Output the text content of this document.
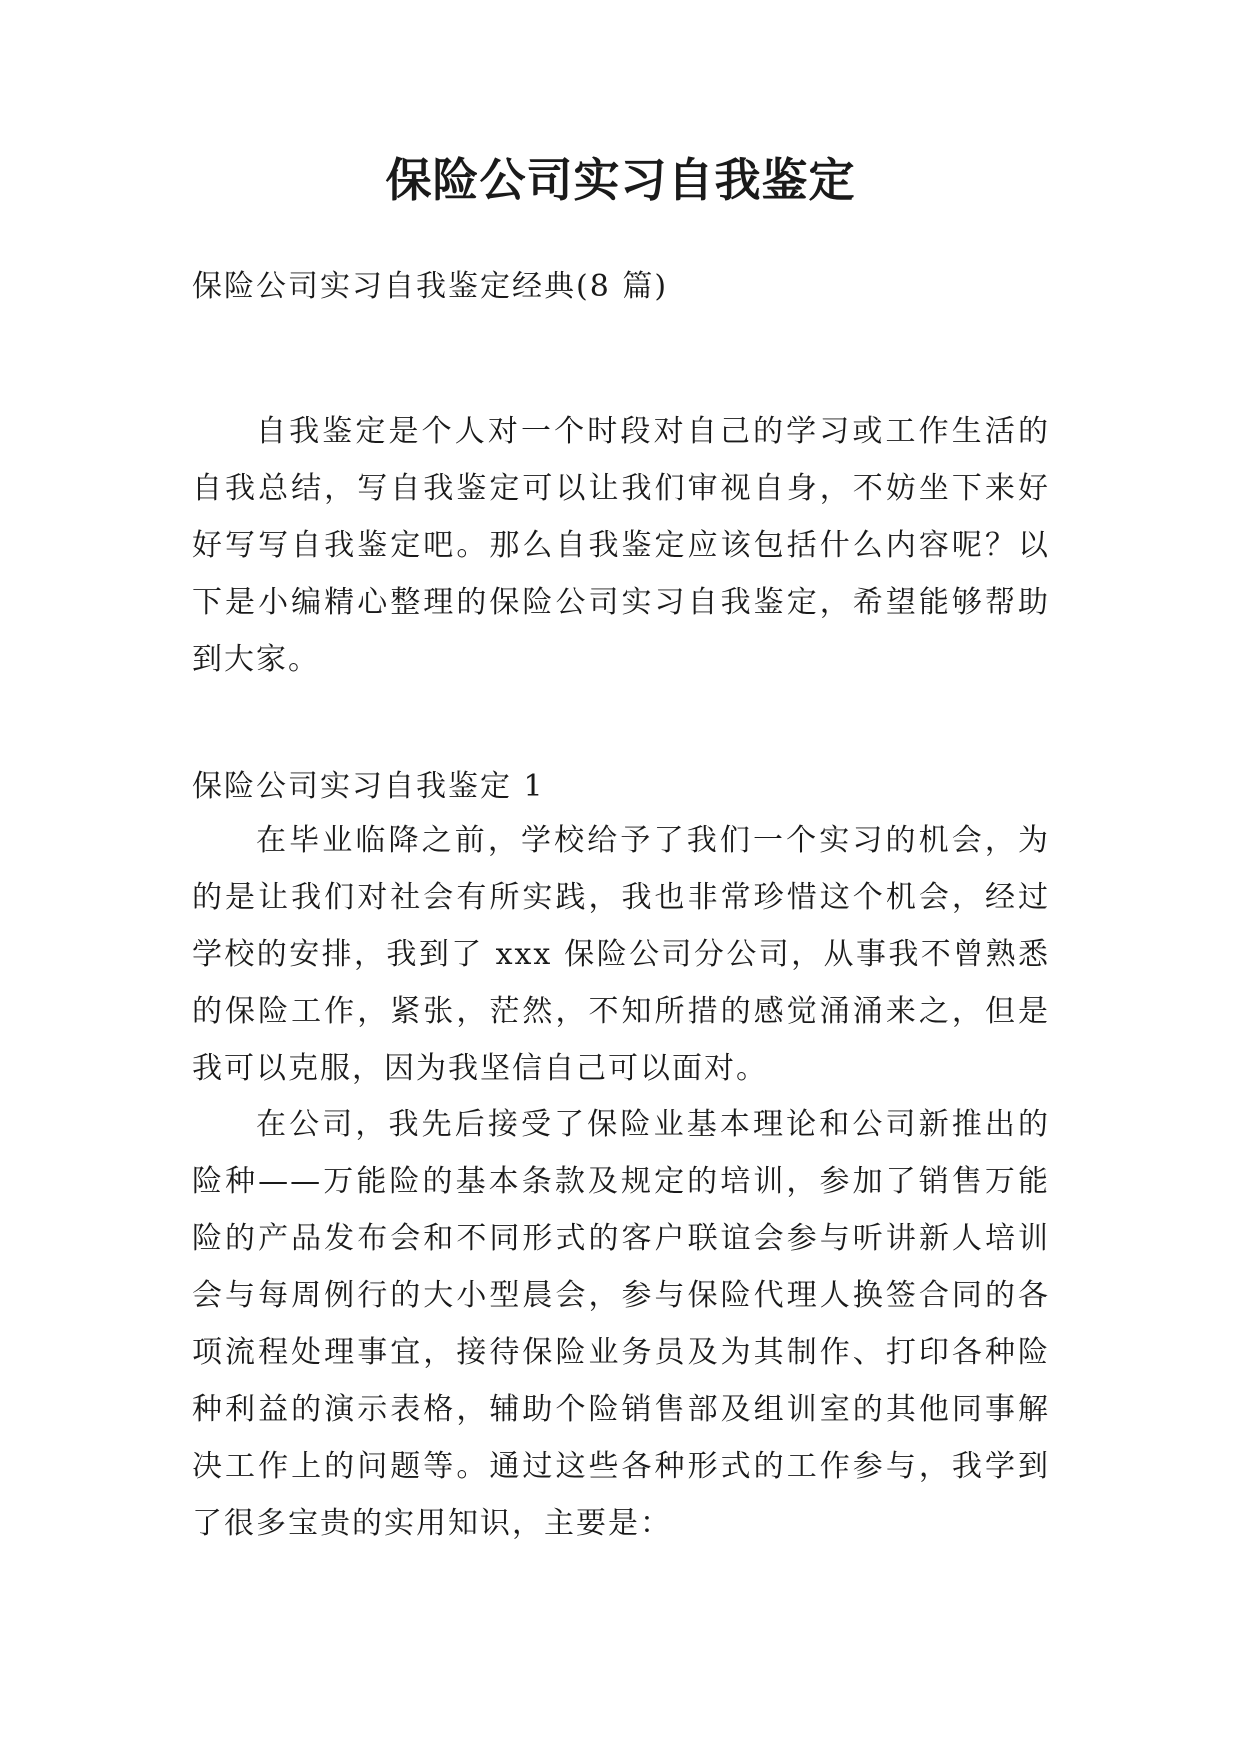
保险公司实习自我鉴定

保险公司实习自我鉴定经典(8 篇)

自我鉴定是个人对一个时段对自己的学习或工作生活的自我总结，写自我鉴定可以让我们审视自身，不妨坐下来好好写写自我鉴定吧。那么自我鉴定应该包括什么内容呢？以下是小编精心整理的保险公司实习自我鉴定，希望能够帮助到大家。

保险公司实习自我鉴定 1

在毕业临降之前，学校给予了我们一个实习的机会，为的是让我们对社会有所实践，我也非常珍惜这个机会，经过学校的安排，我到了 xxx 保险公司分公司，从事我不曾熟悉的保险工作，紧张，茫然，不知所措的感觉涌涌来之，但是我可以克服，因为我坚信自己可以面对。

在公司，我先后接受了保险业基本理论和公司新推出的险种——万能险的基本条款及规定的培训，参加了销售万能险的产品发布会和不同形式的客户联谊会参与听讲新人培训会与每周例行的大小型晨会，参与保险代理人换签合同的各项流程处理事宜，接待保险业务员及为其制作、打印各种险种利益的演示表格，辅助个险销售部及组训室的其他同事解决工作上的问题等。通过这些各种形式的工作参与，我学到了很多宝贵的实用知识，主要是：
